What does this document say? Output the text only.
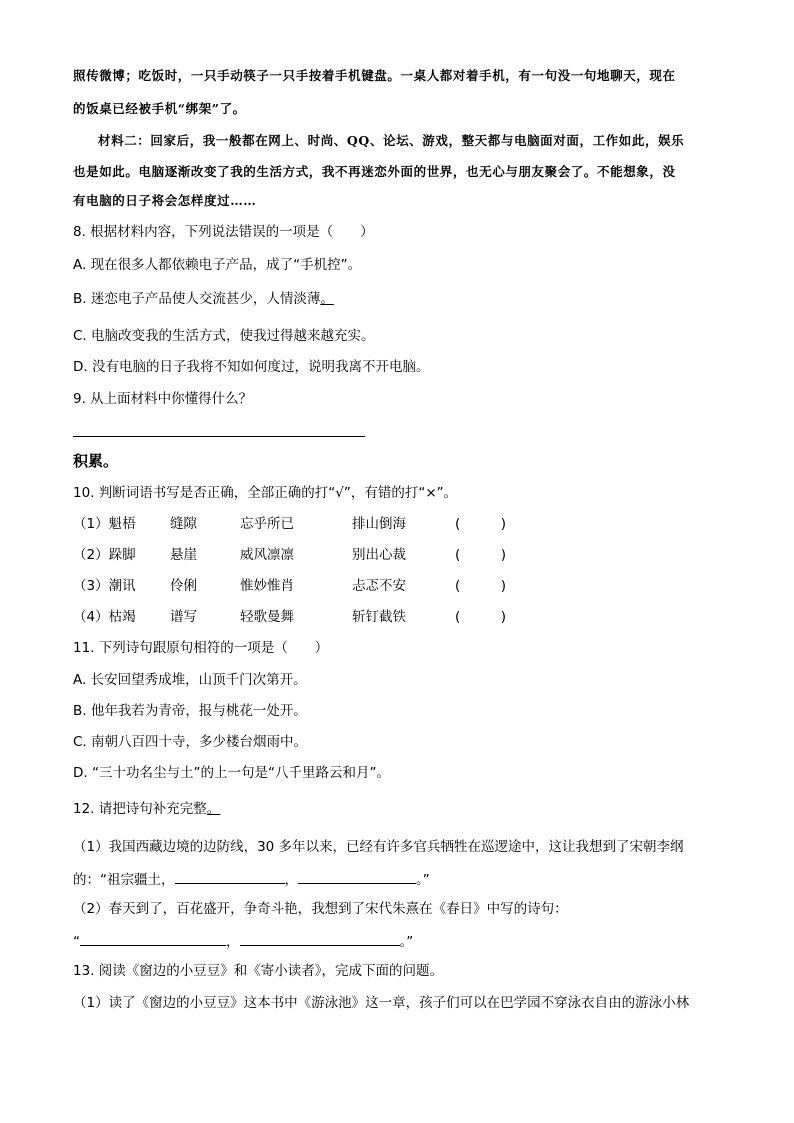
照传微博；吃饭时，一只手动筷子一只手按着手机键盘。一桌人都对着手机，有一句没一句地聊天，现在
的饭桌已经被手机“绑架”了。
材料二：回家后，我一般都在网上、时尚、QQ、论坛、游戏，整天都与电脑面对面，工作如此，娱乐
也是如此。电脑逐渐改变了我的生活方式，我不再迷恋外面的世界，也无心与朋友聚会了。不能想象，没
有电脑的日子将会怎样度过……
8. 根据材料内容，下列说法错误的一项是（　　）
A. 现在很多人都依赖电子产品，成了“手机控”。
B. 迷恋电子产品使人交流甚少，人情淡薄。
C. 电脑改变我的生活方式，使我过得越来越充实。
D. 没有电脑的日子我将不知如何度过，说明我离不开电脑。
9. 从上面材料中你懂得什么？
积累。
10. 判断词语书写是否正确，全部正确的打“√”，有错的打“×”。
（1）魁梧	缝隙	忘乎所已	排山倒海	(　　　)
（2）跺脚	悬崖	威风凛凛	别出心裁	(　　　)
（3）潮讯	伶俐	惟妙惟肖	忐忑不安	(　　　)
（4）枯竭	谱写	轻歌曼舞	斩钉截铁	(　　　)
11. 下列诗句跟原句相符的一项是（　　）
A. 长安回望秀成堆，山顶千门次第开。
B. 他年我若为青帝，报与桃花一处开。
C. 南朝八百四十寺，多少楼台烟雨中。
D. “三十功名尘与土”的上一句是“八千里路云和月”。
12. 请把诗句补充完整。
（1）我国西藏边境的边防线，30 多年以来，已经有许多官兵牺牲在巡逻途中，这让我想到了宋朝李纲
的：“祖宗疆土，	，	。”
（2）春天到了，百花盛开，争奇斗艳，我想到了宋代朱熹在《春日》中写的诗句：
“	，	。”
13. 阅读《窗边的小豆豆》和《寄小读者》，完成下面的问题。
（1）读了《窗边的小豆豆》这本书中《游泳池》这一章，孩子们可以在巴学园不穿泳衣自由的游泳小林
